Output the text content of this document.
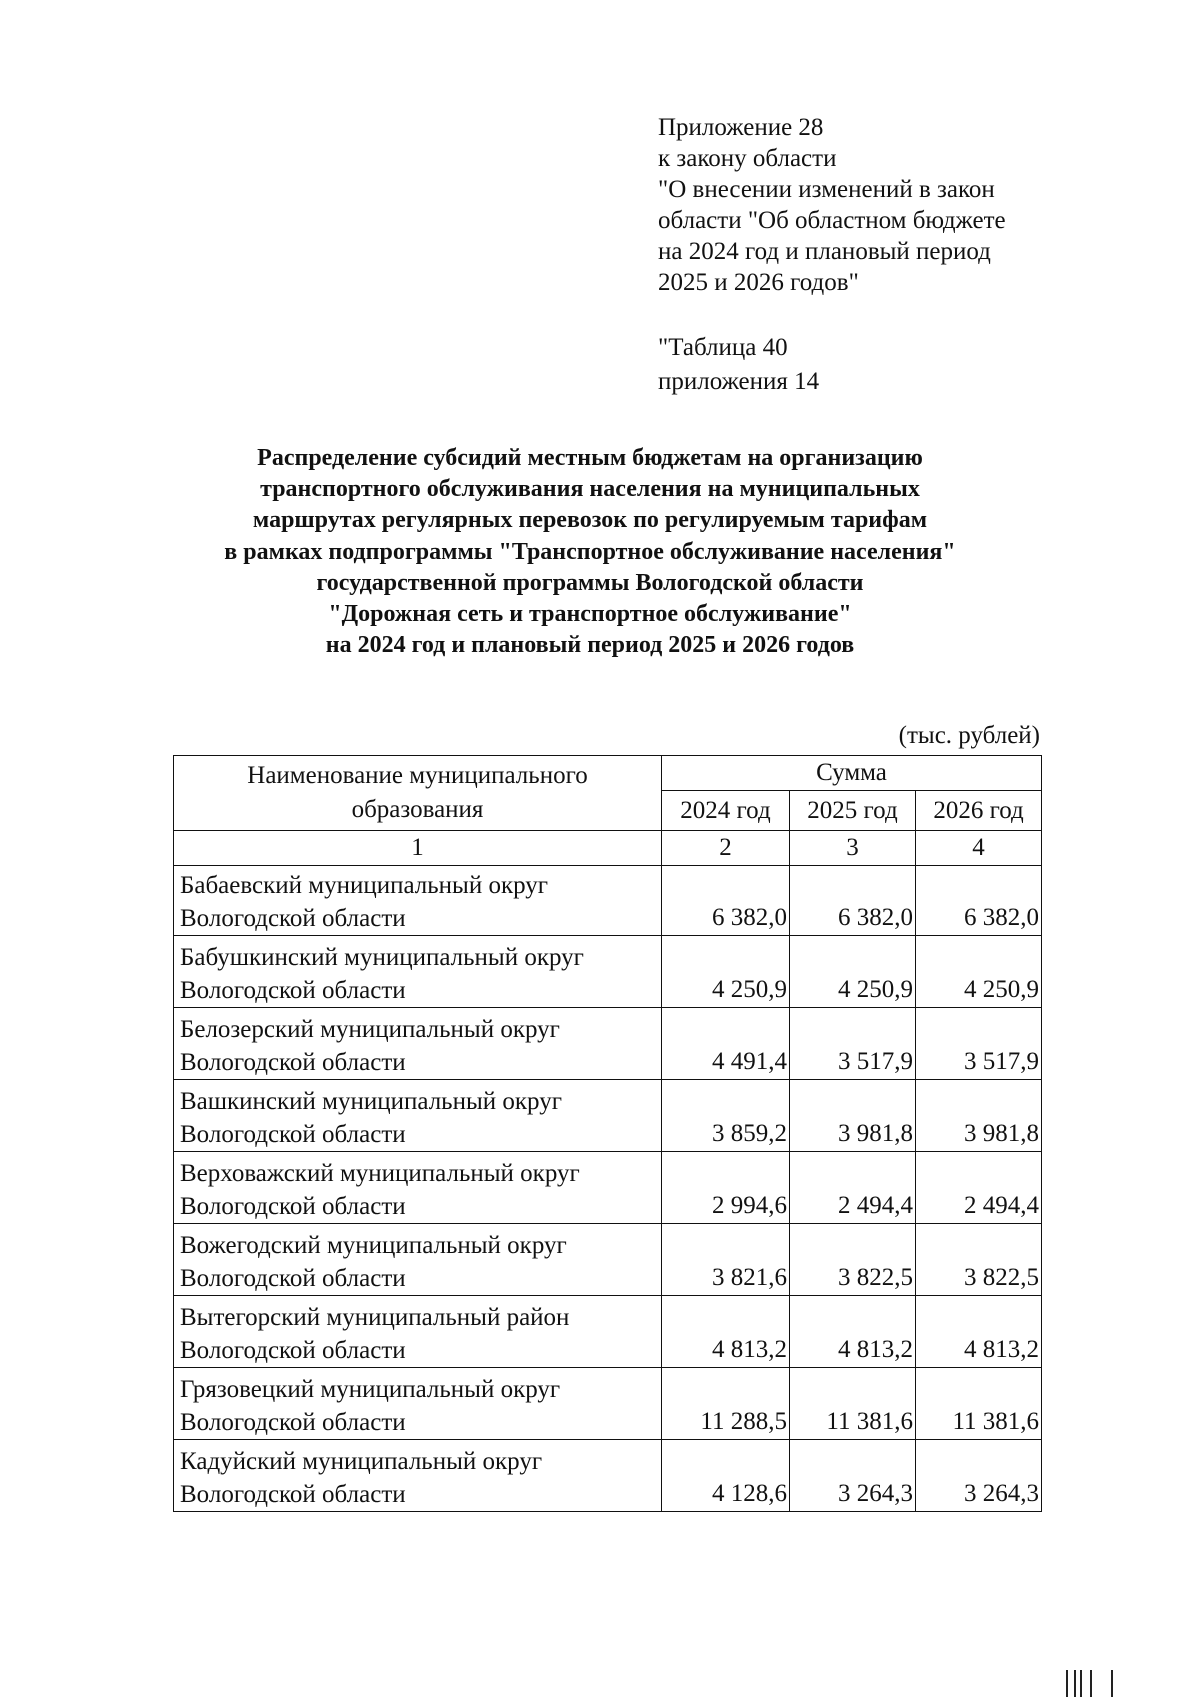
Приложение 28
к закону области
"О внесении изменений в закон
области "Об областном бюджете
на 2024 год и плановый период
2025 и 2026 годов"
"Таблица 40
приложения 14
Распределение субсидий местным бюджетам на организацию
транспортного обслуживания населения на муниципальных
маршрутах регулярных перевозок по регулируемым тарифам
в рамках подпрограммы "Транспортное обслуживание населения"
государственной программы Вологодской области
"Дорожная сеть и транспортное обслуживание"
на 2024 год и плановый период 2025 и 2026 годов
(тыс. рублей)
Наименование муниципального
образования	Сумма		
	2024 год	2025 год	2026 год
1	2	3	4

Бабаевский муниципальный округ
Вологодской области	6 382,0	6 382,0	6 382,0

Бабушкинский муниципальный округ
Вологодской области	4 250,9	4 250,9	4 250,9

Белозерский муниципальный округ
Вологодской области	4 491,4	3 517,9	3 517,9

Вашкинский муниципальный округ
Вологодской области	3 859,2	3 981,8	3 981,8

Верховажский муниципальный округ
Вологодской области	2 994,6	2 494,4	2 494,4

Вожегодский муниципальный округ
Вологодской области	3 821,6	3 822,5	3 822,5

Вытегорский муниципальный район
Вологодской области	4 813,2	4 813,2	4 813,2

Грязовецкий муниципальный округ
Вологодской области	11 288,5	11 381,6	11 381,6

Кадуйский муниципальный округ
Вологодской области	4 128,6	3 264,3	3 264,3
